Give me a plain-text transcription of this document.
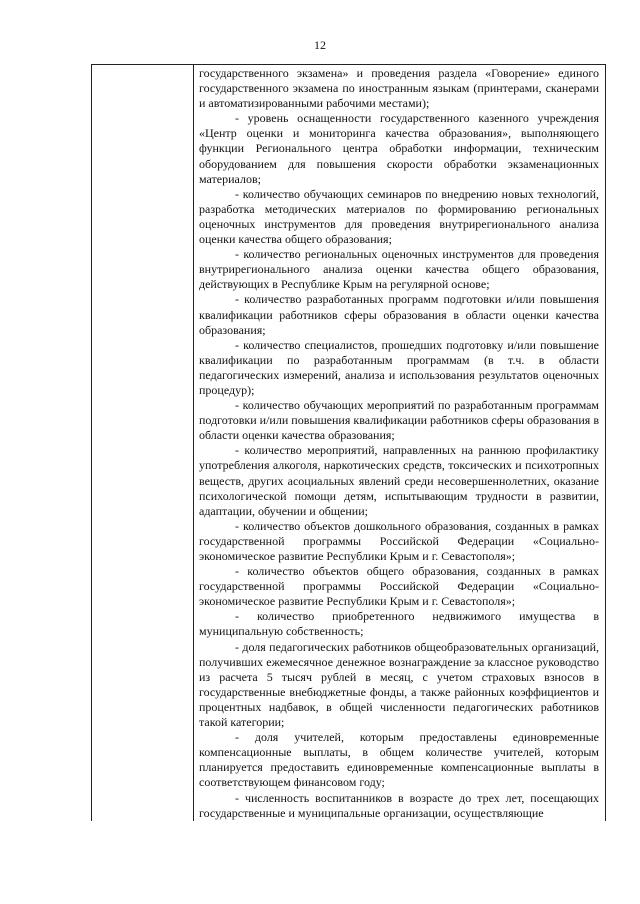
12

государственного экзамена» и проведения раздела «Говорение» единого государственного экзамена по иностранным языкам (принтерами, сканерами и автоматизированными рабочими местами);

- уровень оснащенности государственного казенного учреждения «Центр оценки и мониторинга качества образования», выполняющего функции Регионального центра обработки информации, техническим оборудованием для повышения скорости обработки экзаменационных материалов;

- количество обучающих семинаров по внедрению новых технологий, разработка методических материалов по формированию региональных оценочных инструментов для проведения внутрирегионального анализа оценки качества общего образования;

- количество региональных оценочных инструментов для проведения внутрирегионального анализа оценки качества общего образования, действующих в Республике Крым на регулярной основе;

- количество разработанных программ подготовки и/или повышения квалификации работников сферы образования в области оценки качества образования;

- количество специалистов, прошедших подготовку и/или повышение квалификации по разработанным программам (в т.ч. в области педагогических измерений, анализа и использования результатов оценочных процедур);

- количество обучающих мероприятий по разработанным программам подготовки и/или повышения квалификации работников сферы образования в области оценки качества образования;

- количество мероприятий, направленных на раннюю профилактику употребления алкоголя, наркотических средств, токсических и психотропных веществ, других асоциальных явлений среди несовершеннолетних, оказание психологической помощи детям, испытывающим трудности в развитии, адаптации, обучении и общении;

- количество объектов дошкольного образования, созданных в рамках государственной программы Российской Федерации «Социально-экономическое развитие Республики Крым и г. Севастополя»;

- количество объектов общего образования, созданных в рамках государственной программы Российской Федерации «Социально-экономическое развитие Республики Крым и г. Севастополя»;

- количество приобретенного недвижимого имущества в муниципальную собственность;

- доля педагогических работников общеобразовательных организаций, получивших ежемесячное денежное вознаграждение за классное руководство из расчета 5 тысяч рублей в месяц, с учетом страховых взносов в государственные внебюджетные фонды, а также районных коэффициентов и процентных надбавок, в общей численности педагогических работников такой категории;

- доля учителей, которым предоставлены единовременные компенсационные выплаты, в общем количестве учителей, которым планируется предоставить единовременные компенсационные выплаты в соответствующем финансовом году;

- численность воспитанников в возрасте до трех лет, посещающих государственные и муниципальные организации, осуществляющие
